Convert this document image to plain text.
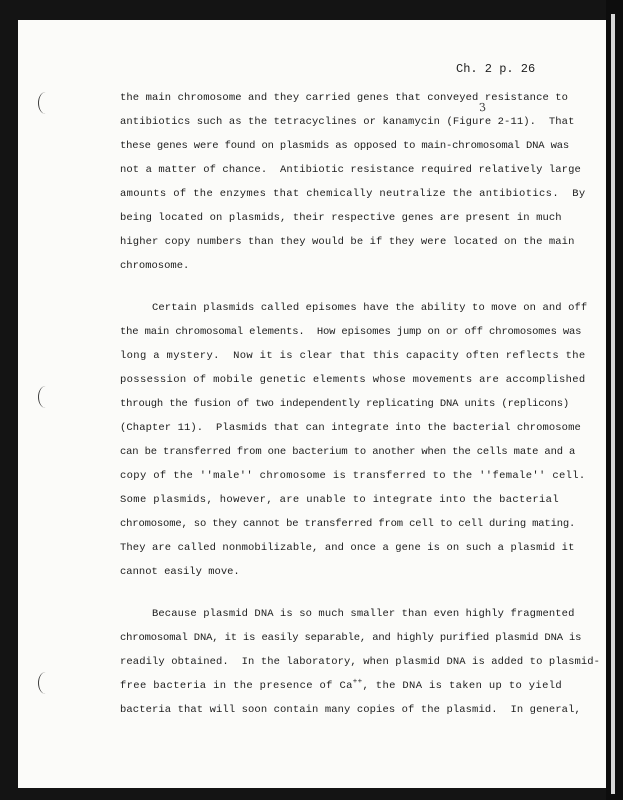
Ch. 2 p. 26
3
the main chromosome and they carried genes that conveyed resistance to
antibiotics such as the tetracyclines or kanamycin (Figure 2-11).  That
these genes were found on plasmids as opposed to main-chromosomal DNA was
not a matter of chance.  Antibiotic resistance required relatively large
amounts of the enzymes that chemically neutralize the antibiotics.  By
being located on plasmids, their respective genes are present in much
higher copy numbers than they would be if they were located on the main
chromosome.
Certain plasmids called episomes have the ability to move on and off
the main chromosomal elements.  How episomes jump on or off chromosomes was
long a mystery.  Now it is clear that this capacity often reflects the
possession of mobile genetic elements whose movements are accomplished
through the fusion of two independently replicating DNA units (replicons)
(Chapter 11).  Plasmids that can integrate into the bacterial chromosome
can be transferred from one bacterium to another when the cells mate and a
copy of the ''male'' chromosome is transferred to the ''female'' cell.
Some plasmids, however, are unable to integrate into the bacterial
chromosome, so they cannot be transferred from cell to cell during mating.
They are called nonmobilizable, and once a gene is on such a plasmid it
cannot easily move.
Because plasmid DNA is so much smaller than even highly fragmented
chromosomal DNA, it is easily separable, and highly purified plasmid DNA is
readily obtained.  In the laboratory, when plasmid DNA is added to plasmid-
free bacteria in the presence of Ca++, the DNA is taken up to yield
bacteria that will soon contain many copies of the plasmid.  In general,
